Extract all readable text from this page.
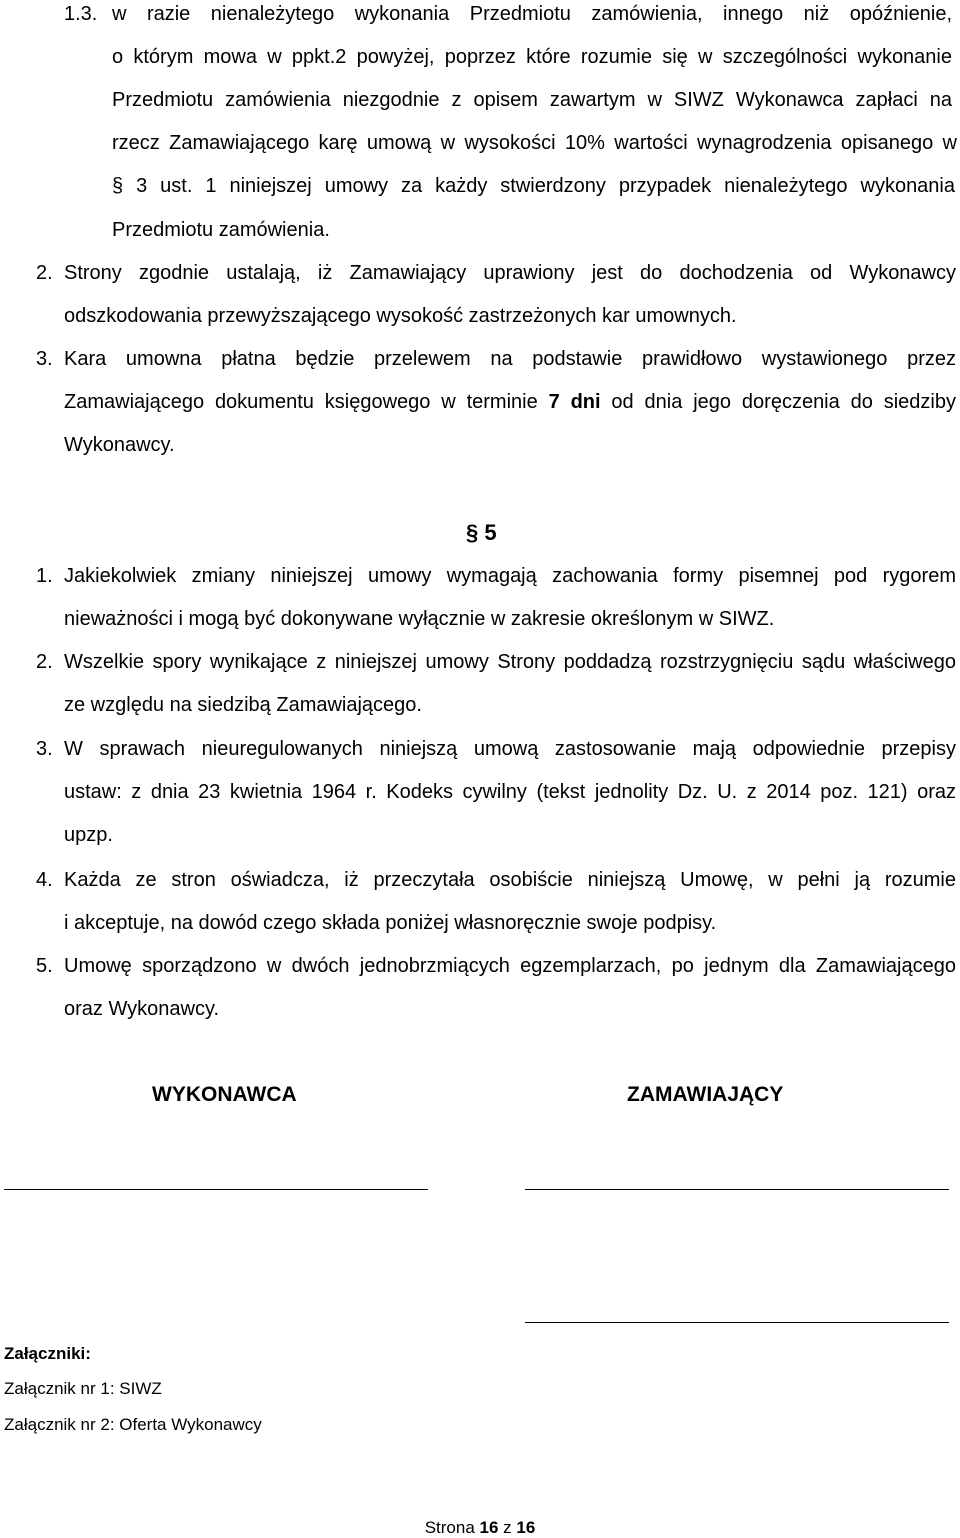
1.3. w razie nienależytego wykonania Przedmiotu zamówienia, innego niż opóźnienie,
o którym mowa w ppkt.2 powyżej, poprzez które rozumie się w szczególności wykonanie
Przedmiotu zamówienia niezgodnie z opisem zawartym w SIWZ Wykonawca zapłaci na
rzecz Zamawiającego karę umową w wysokości 10% wartości wynagrodzenia opisanego w
§ 3 ust. 1 niniejszej umowy za każdy stwierdzony przypadek nienależytego wykonania
Przedmiotu zamówienia.
2. Strony zgodnie ustalają, iż Zamawiający uprawiony jest do dochodzenia od Wykonawcy
odszkodowania przewyższającego wysokość zastrzeżonych kar umownych.
3. Kara umowna płatna będzie przelewem na podstawie prawidłowo wystawionego przez
Zamawiającego dokumentu księgowego w terminie 7 dni od dnia jego doręczenia do siedziby
Wykonawcy.
§ 5
1. Jakiekolwiek zmiany niniejszej umowy wymagają zachowania formy pisemnej pod rygorem
nieważności i mogą być dokonywane wyłącznie w zakresie określonym w SIWZ.
2. Wszelkie spory wynikające z niniejszej umowy Strony poddadzą rozstrzygnięciu sądu właściwego
ze względu na siedzibą Zamawiającego.
3. W sprawach nieuregulowanych niniejszą umową zastosowanie mają odpowiednie przepisy
ustaw: z dnia 23 kwietnia 1964 r. Kodeks cywilny (tekst jednolity Dz. U. z 2014 poz. 121) oraz
upzp.
4. Każda ze stron oświadcza, iż przeczytała osobiście niniejszą Umowę, w pełni ją rozumie
i akceptuje, na dowód czego składa poniżej własnoręcznie swoje podpisy.
5. Umowę sporządzono w dwóch jednobrzmiących egzemplarzach, po jednym dla Zamawiającego
oraz Wykonawcy.
WYKONAWCA	ZAMAWIAJĄCY
Załączniki:
Załącznik nr 1: SIWZ
Załącznik nr 2: Oferta Wykonawcy
Strona 16 z 16
